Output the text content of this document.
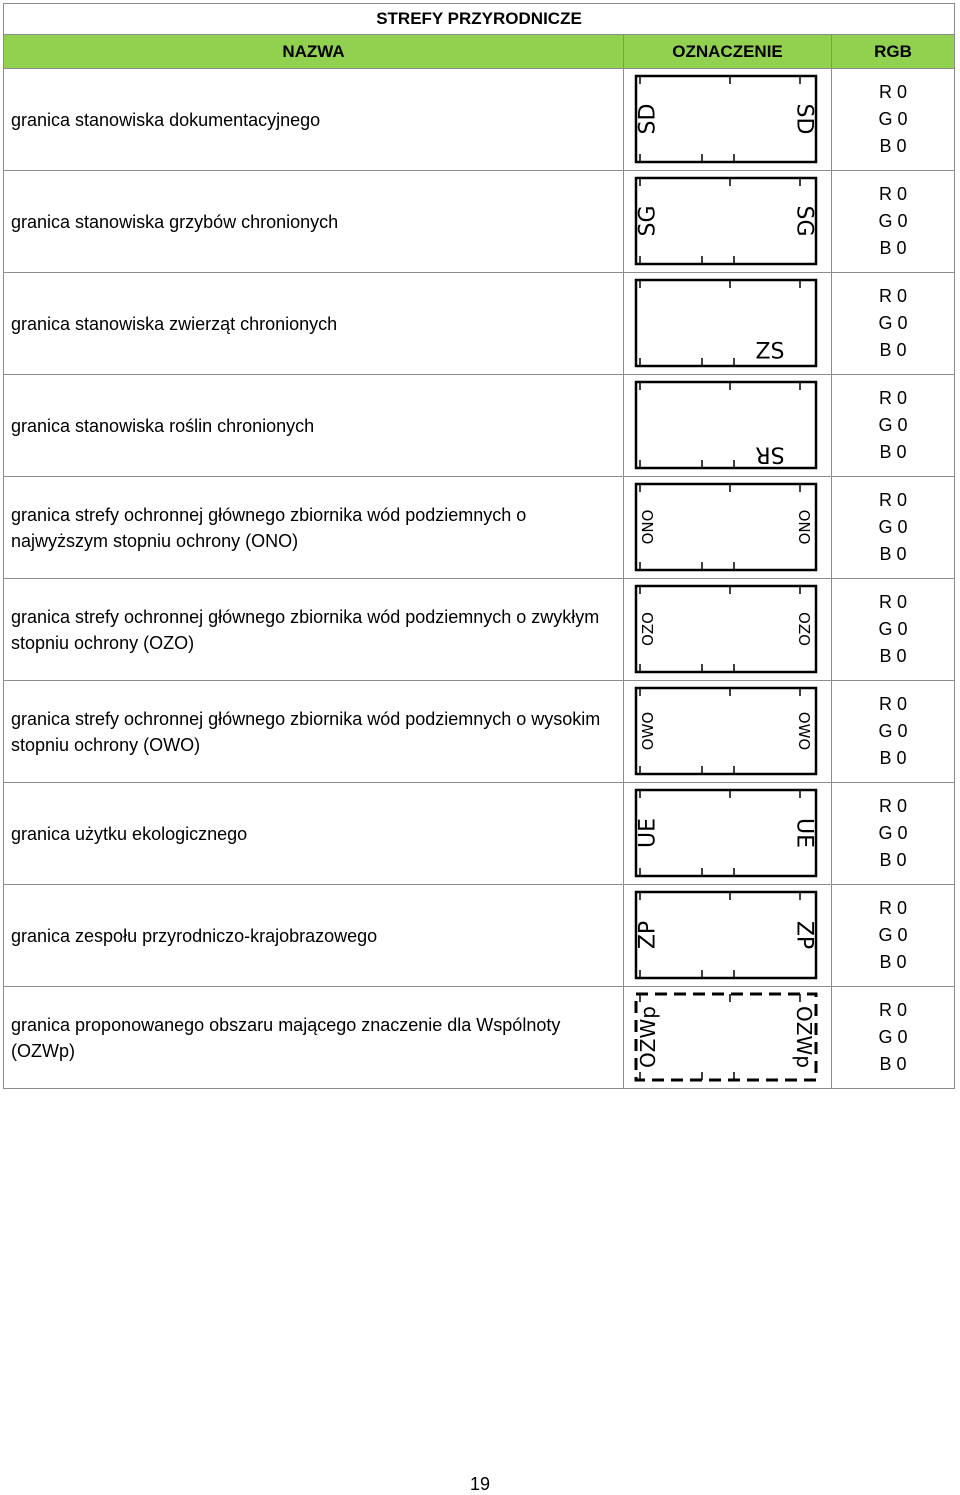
STREFY PRZYRODNICZE		
NAZWA	OZNACZENIE	RGB
granica stanowiska dokumentacyjnego	SD SD	R 0
G 0
B 0

granica stanowiska grzybów chronionych	SG SG	R 0
G 0
B 0

granica stanowiska zwierząt chronionych	ZS	R 0
G 0
B 0

granica stanowiska roślin chronionych	SR	R 0
G 0
B 0

granica strefy ochronnej głównego zbiornika wód podziemnych o najwyższym stopniu ochrony (ONO)	ONO ONO	R 0
G 0
B 0

granica strefy ochronnej głównego zbiornika wód podziemnych o zwykłym stopniu ochrony (OZO)	OZO OZO	R 0
G 0
B 0

granica strefy ochronnej głównego zbiornika wód podziemnych o wysokim stopniu ochrony (OWO)	OWO OWO	R 0
G 0
B 0

granica użytku ekologicznego	UE UE	R 0
G 0
B 0

granica zespołu przyrodniczo-krajobrazowego	ZP ZP	R 0
G 0
B 0

granica proponowanego obszaru mającego znaczenie dla Wspólnoty (OZWp)	OZWp OZWp	R 0
G 0
B 0
19
